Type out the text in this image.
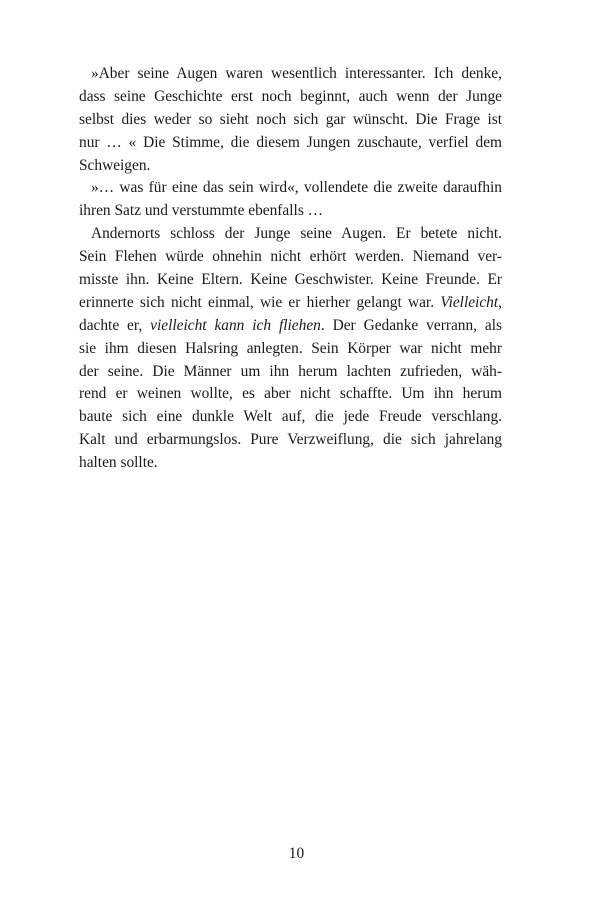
»Aber seine Augen waren wesentlich interessanter. Ich denke,
dass seine Geschichte erst noch beginnt, auch wenn der Junge
selbst dies weder so sieht noch sich gar wünscht. Die Frage ist
nur … « Die Stimme, die diesem Jungen zuschaute, verfiel dem
Schweigen.
»… was für eine das sein wird«, vollendete die zweite daraufhin
ihren Satz und verstummte ebenfalls …
Andernorts schloss der Junge seine Augen. Er betete nicht.
Sein Flehen würde ohnehin nicht erhört werden. Niemand ver-
misste ihn. Keine Eltern. Keine Geschwister. Keine Freunde. Er
erinnerte sich nicht einmal, wie er hierher gelangt war. Vielleicht,
dachte er, vielleicht kann ich fliehen. Der Gedanke verrann, als
sie ihm diesen Halsring anlegten. Sein Körper war nicht mehr
der seine. Die Männer um ihn herum lachten zufrieden, wäh-
rend er weinen wollte, es aber nicht schaffte. Um ihn herum
baute sich eine dunkle Welt auf, die jede Freude verschlang.
Kalt und erbarmungslos. Pure Verzweiflung, die sich jahrelang
halten sollte.
10
